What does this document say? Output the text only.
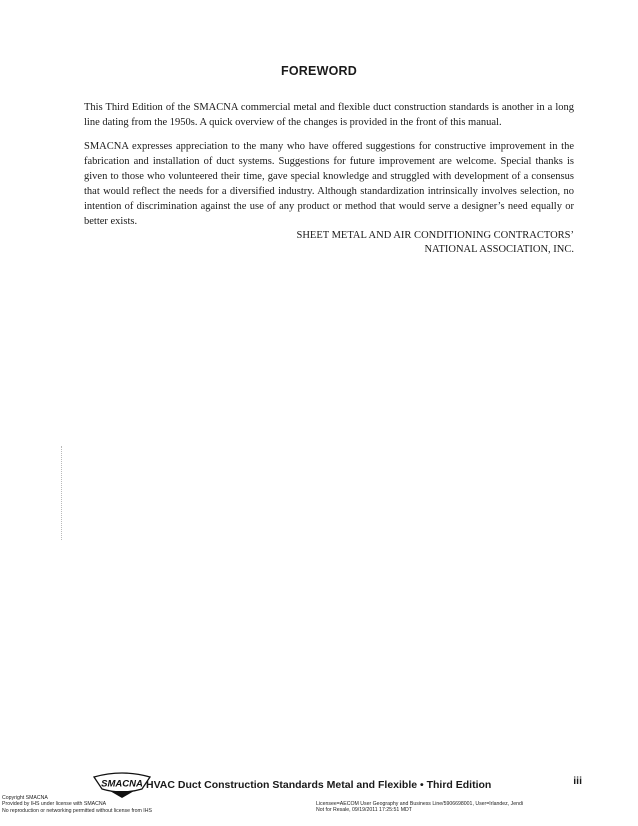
FOREWORD

This Third Edition of the SMACNA commercial metal and flexible duct construction standards is another in a long line dating from the 1950s. A quick overview of the changes is provided in the front of this manual.

SMACNA expresses appreciation to the many who have offered suggestions for constructive improvement in the fabrication and installation of duct systems. Suggestions for future improvement are welcome. Special thanks is given to those who volunteered their time, gave special knowledge and struggled with development of a consensus that would reflect the needs for a diversified industry. Although standardization intrinsically involves selection, no intention of discrimination against the use of any product or method that would serve a designer’s need equally or better exists.

SHEET METAL AND AIR CONDITIONING CONTRACTORS’
NATIONAL ASSOCIATION, INC.
SMACNA HVAC Duct Construction Standards Metal and Flexible • Third Edition	iii
Copyright SMACNA
Provided by IHS under license with SMACNA
No reproduction or networking permitted without license from IHS
Licensee=AECOM User Geography and Business Line/5906698001, User=Irlandez, Jendi
Not for Resale, 09/19/2011 17:25:51 MDT
